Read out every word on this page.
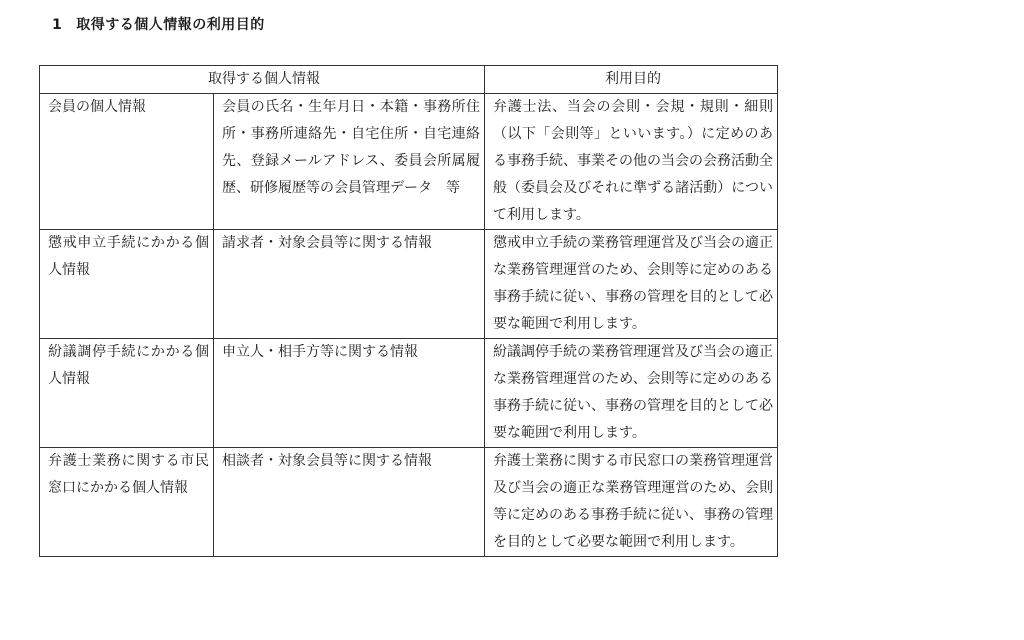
1 取得する個人情報の利用目的
取得する個人情報		利用目的
会員の個人情報	会員の氏名・生年月日・本籍・事務所住所・事務所連絡先・自宅住所・自宅連絡先、登録メールアドレス、委員会所属履歴、研修履歴等の会員管理データ　等	弁護士法、当会の会則・会規・規則・細則（以下「会則等」といいます。）に定めのある事務手続、事業その他の当会の会務活動全般（委員会及びそれに準ずる諸活動）について利用します。
懲戒申立手続にかかる個人情報	請求者・対象会員等に関する情報	懲戒申立手続の業務管理運営及び当会の適正な業務管理運営のため、会則等に定めのある事務手続に従い、事務の管理を目的として必要な範囲で利用します。
紛議調停手続にかかる個人情報	申立人・相手方等に関する情報	紛議調停手続の業務管理運営及び当会の適正な業務管理運営のため、会則等に定めのある事務手続に従い、事務の管理を目的として必要な範囲で利用します。
弁護士業務に関する市民窓口にかかる個人情報	相談者・対象会員等に関する情報	弁護士業務に関する市民窓口の業務管理運営及び当会の適正な業務管理運営のため、会則等に定めのある事務手続に従い、事務の管理を目的として必要な範囲で利用します。
